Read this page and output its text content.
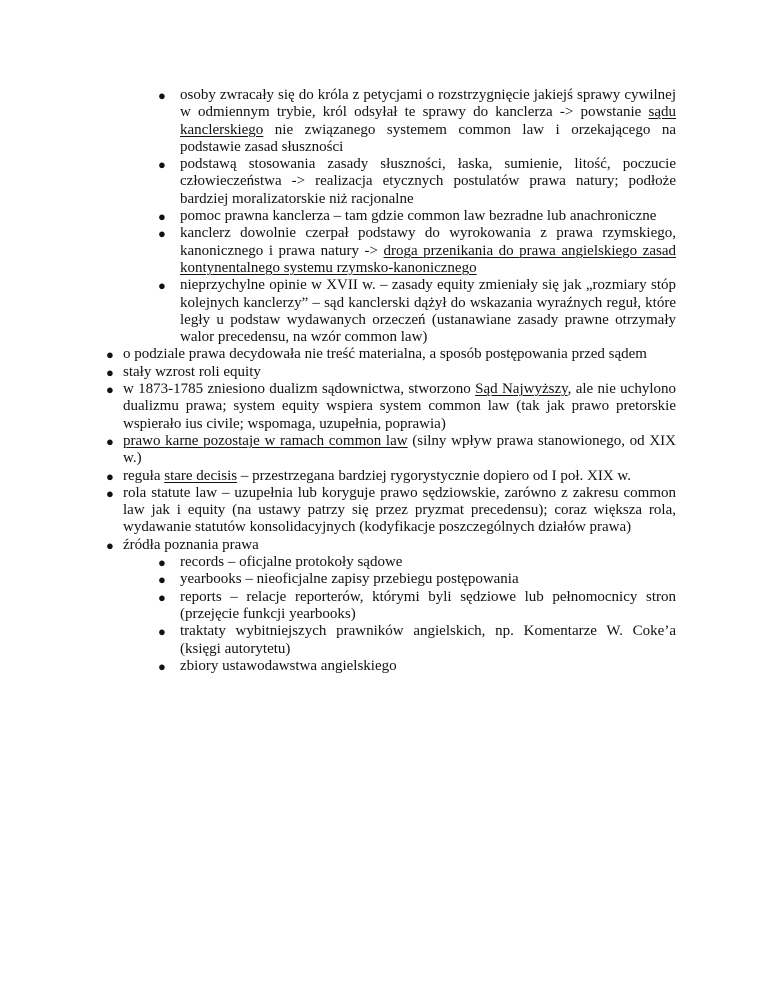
● osoby zwracały się do króla z petycjami o rozstrzygnięcie jakiejś sprawy cywilnej w odmiennym trybie, król odsyłał te sprawy do kanclerza -> powstanie sądu kanclerskiego nie związanego systemem common law i orzekającego na podstawie zasad słuszności
● podstawą stosowania zasady słuszności, łaska, sumienie, litość, poczucie człowieczeństwa -> realizacja etycznych postulatów prawa natury; podłoże bardziej moralizatorskie niż racjonalne
● pomoc prawna kanclerza – tam gdzie common law bezradne lub anachroniczne
● kanclerz dowolnie czerpał podstawy do wyrokowania z prawa rzymskiego, kanonicznego i prawa natury -> droga przenikania do prawa angielskiego zasad kontynentalnego systemu rzymsko-kanonicznego
● nieprzychylne opinie w XVII w. – zasady equity zmieniały się jak „rozmiary stóp kolejnych kanclerzy” – sąd kanclerski dążył do wskazania wyraźnych reguł, które legły u podstaw wydawanych orzeczeń (ustanawiane zasady prawne otrzymały walor precedensu, na wzór common law)
● o podziale prawa decydowała nie treść materialna, a sposób postępowania przed sądem
● stały wzrost roli equity
● w 1873-1785 zniesiono dualizm sądownictwa, stworzono Sąd Najwyższy, ale nie uchylono dualizmu prawa; system equity wspiera system common law (tak jak prawo pretorskie wspierało ius civile; wspomaga, uzupełnia, poprawia)
● prawo karne pozostaje w ramach common law (silny wpływ prawa stanowionego, od XIX w.)
● reguła stare decisis – przestrzegana bardziej rygorystycznie dopiero od I poł. XIX w.
● rola statute law – uzupełnia lub koryguje prawo sędziowskie, zarówno z zakresu common law jak i equity (na ustawy patrzy się przez pryzmat precedensu); coraz większa rola, wydawanie statutów konsolidacyjnych (kodyfikacje poszczególnych działów prawa)
● źródła poznania prawa
● records – oficjalne protokoły sądowe
● yearbooks – nieoficjalne zapisy przebiegu postępowania
● reports – relacje reporterów, którymi byli sędziowe lub pełnomocnicy stron (przejęcie funkcji yearbooks)
● traktaty wybitniejszych prawników angielskich, np. Komentarze W. Coke’a (księgi autorytetu)
● zbiory ustawodawstwa angielskiego
